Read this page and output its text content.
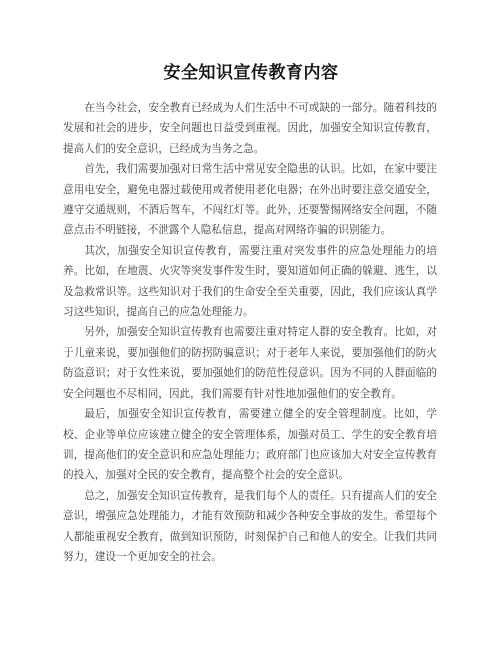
安全知识宣传教育内容

在当今社会，安全教育已经成为人们生活中不可或缺的一部分。随着科技的发展和社会的进步，安全问题也日益受到重视。因此，加强安全知识宣传教育，提高人们的安全意识，已经成为当务之急。

首先，我们需要加强对日常生活中常见安全隐患的认识。比如，在家中要注意用电安全，避免电器过载使用或者使用老化电器；在外出时要注意交通安全，遵守交通规则，不酒后驾车，不闯红灯等。此外，还要警惕网络安全问题，不随意点击不明链接，不泄露个人隐私信息，提高对网络诈骗的识别能力。

其次，加强安全知识宣传教育，需要注重对突发事件的应急处理能力的培养。比如，在地震、火灾等突发事件发生时，要知道如何正确的躲避、逃生，以及急救常识等。这些知识对于我们的生命安全至关重要，因此，我们应该认真学习这些知识，提高自己的应急处理能力。

另外，加强安全知识宣传教育也需要注重对特定人群的安全教育。比如，对于儿童来说，要加强他们的防拐防骗意识；对于老年人来说，要加强他们的防火防盗意识；对于女性来说，要加强她们的防范性侵意识。因为不同的人群面临的安全问题也不尽相同，因此，我们需要有针对性地加强他们的安全教育。

最后，加强安全知识宣传教育，需要建立健全的安全管理制度。比如，学校、企业等单位应该建立健全的安全管理体系，加强对员工、学生的安全教育培训，提高他们的安全意识和应急处理能力；政府部门也应该加大对安全宣传教育的投入，加强对全民的安全教育，提高整个社会的安全意识。

总之，加强安全知识宣传教育，是我们每个人的责任。只有提高人们的安全意识，增强应急处理能力，才能有效预防和减少各种安全事故的发生。希望每个人都能重视安全教育，做到知识预防，时刻保护自己和他人的安全。让我们共同努力，建设一个更加安全的社会。
